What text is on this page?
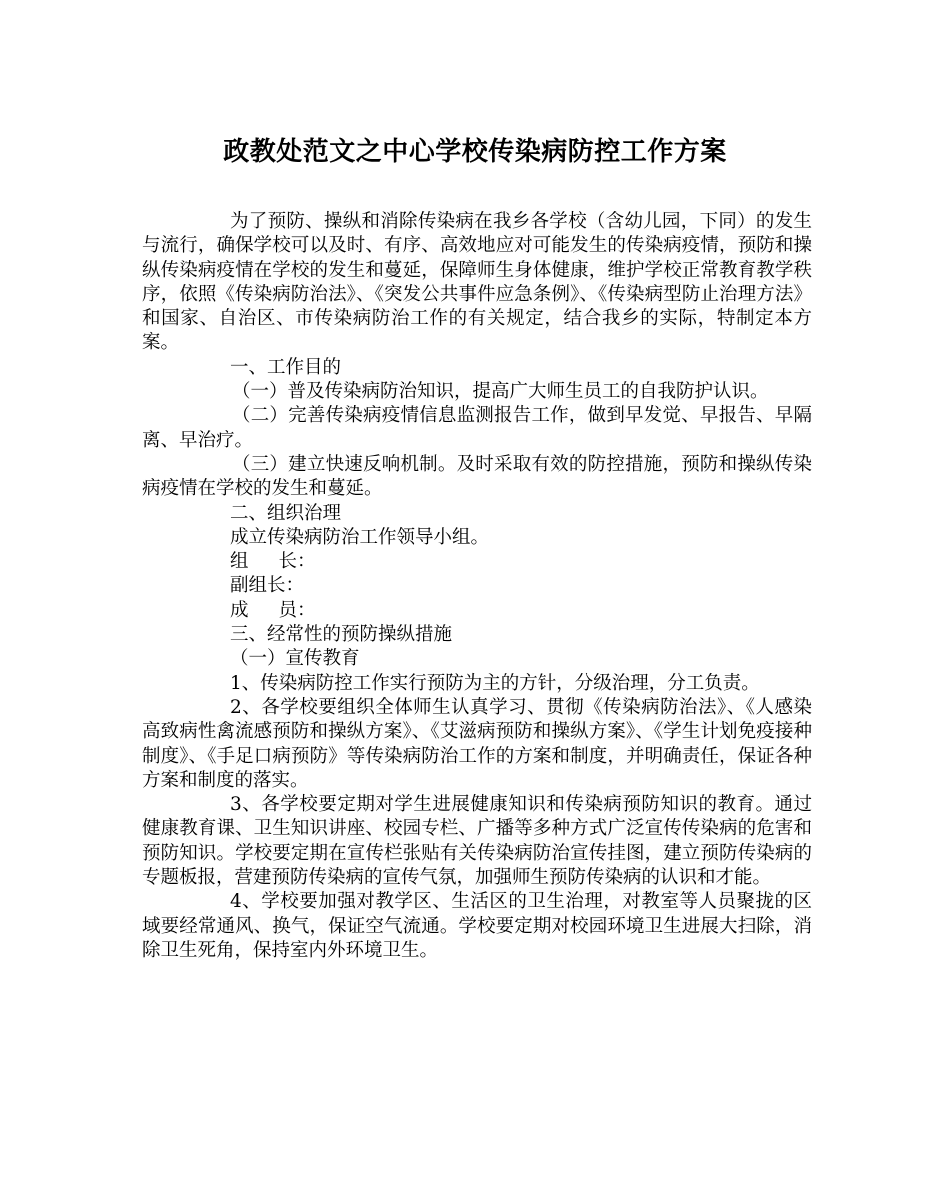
政教处范文之中心学校传染病防控工作方案

为了预防、操纵和消除传染病在我乡各学校（含幼儿园，下同）的发生与流行，确保学校可以及时、有序、高效地应对可能发生的传染病疫情，预防和操纵传染病疫情在学校的发生和蔓延，保障师生身体健康，维护学校正常教育教学秩序，依照《传染病防治法》、《突发公共事件应急条例》、《传染病型防止治理方法》和国家、自治区、市传染病防治工作的有关规定，结合我乡的实际，特制定本方案。

一、工作目的

（一）普及传染病防治知识，提高广大师生员工的自我防护认识。

（二）完善传染病疫情信息监测报告工作，做到早发觉、早报告、早隔离、早治疗。

（三）建立快速反响机制。及时采取有效的防控措施，预防和操纵传染病疫情在学校的发生和蔓延。

二、组织治理

成立传染病防治工作领导小组。

组 长：

副组长：

成 员：

三、经常性的预防操纵措施

（一）宣传教育

1、传染病防控工作实行预防为主的方针，分级治理，分工负责。

2、各学校要组织全体师生认真学习、贯彻《传染病防治法》、《人感染高致病性禽流感预防和操纵方案》、《艾滋病预防和操纵方案》、《学生计划免疫接种制度》、《手足口病预防》等传染病防治工作的方案和制度，并明确责任，保证各种方案和制度的落实。

3、各学校要定期对学生进展健康知识和传染病预防知识的教育。通过健康教育课、卫生知识讲座、校园专栏、广播等多种方式广泛宣传传染病的危害和预防知识。学校要定期在宣传栏张贴有关传染病防治宣传挂图，建立预防传染病的专题板报，营建预防传染病的宣传气氛，加强师生预防传染病的认识和才能。

4、学校要加强对教学区、生活区的卫生治理，对教室等人员聚拢的区域要经常通风、换气，保证空气流通。学校要定期对校园环境卫生进展大扫除，消除卫生死角，保持室内外环境卫生。
